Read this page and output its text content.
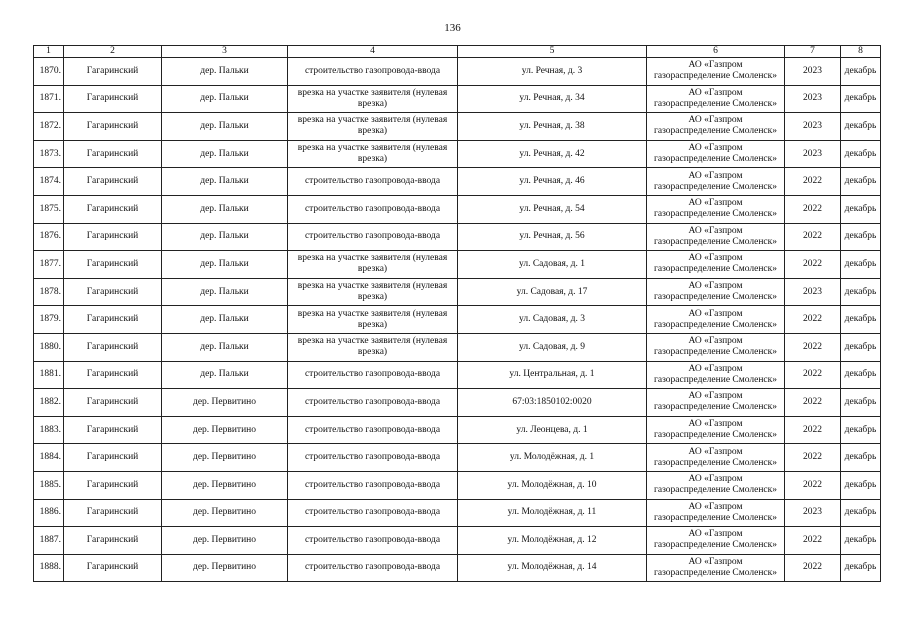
136
1	2	3	4	5	6	7	8
1870.	Гагаринский	дер. Пальки	строительство газопровода-ввода	ул. Речная, д. 3	АО «Газпром газораспределение Смоленск»	2023	декабрь
1871.	Гагаринский	дер. Пальки	врезка на участке заявителя (нулевая врезка)	ул. Речная, д. 34	АО «Газпром газораспределение Смоленск»	2023	декабрь
1872.	Гагаринский	дер. Пальки	врезка на участке заявителя (нулевая врезка)	ул. Речная, д. 38	АО «Газпром газораспределение Смоленск»	2023	декабрь
1873.	Гагаринский	дер. Пальки	врезка на участке заявителя (нулевая врезка)	ул. Речная, д. 42	АО «Газпром газораспределение Смоленск»	2023	декабрь
1874.	Гагаринский	дер. Пальки	строительство газопровода-ввода	ул. Речная, д. 46	АО «Газпром газораспределение Смоленск»	2022	декабрь
1875.	Гагаринский	дер. Пальки	строительство газопровода-ввода	ул. Речная, д. 54	АО «Газпром газораспределение Смоленск»	2022	декабрь
1876.	Гагаринский	дер. Пальки	строительство газопровода-ввода	ул. Речная, д. 56	АО «Газпром газораспределение Смоленск»	2022	декабрь
1877.	Гагаринский	дер. Пальки	врезка на участке заявителя (нулевая врезка)	ул. Садовая, д. 1	АО «Газпром газораспределение Смоленск»	2022	декабрь
1878.	Гагаринский	дер. Пальки	врезка на участке заявителя (нулевая врезка)	ул. Садовая, д. 17	АО «Газпром газораспределение Смоленск»	2023	декабрь
1879.	Гагаринский	дер. Пальки	врезка на участке заявителя (нулевая врезка)	ул. Садовая, д. 3	АО «Газпром газораспределение Смоленск»	2022	декабрь
1880.	Гагаринский	дер. Пальки	врезка на участке заявителя (нулевая врезка)	ул. Садовая, д. 9	АО «Газпром газораспределение Смоленск»	2022	декабрь
1881.	Гагаринский	дер. Пальки	строительство газопровода-ввода	ул. Центральная, д. 1	АО «Газпром газораспределение Смоленск»	2022	декабрь
1882.	Гагаринский	дер. Первитино	строительство газопровода-ввода	67:03:1850102:0020	АО «Газпром газораспределение Смоленск»	2022	декабрь
1883.	Гагаринский	дер. Первитино	строительство газопровода-ввода	ул. Леонцева, д. 1	АО «Газпром газораспределение Смоленск»	2022	декабрь
1884.	Гагаринский	дер. Первитино	строительство газопровода-ввода	ул. Молодёжная, д. 1	АО «Газпром газораспределение Смоленск»	2022	декабрь
1885.	Гагаринский	дер. Первитино	строительство газопровода-ввода	ул. Молодёжная, д. 10	АО «Газпром газораспределение Смоленск»	2022	декабрь
1886.	Гагаринский	дер. Первитино	строительство газопровода-ввода	ул. Молодёжная, д. 11	АО «Газпром газораспределение Смоленск»	2023	декабрь
1887.	Гагаринский	дер. Первитино	строительство газопровода-ввода	ул. Молодёжная, д. 12	АО «Газпром газораспределение Смоленск»	2022	декабрь
1888.	Гагаринский	дер. Первитино	строительство газопровода-ввода	ул. Молодёжная, д. 14	АО «Газпром газораспределение Смоленск»	2022	декабрь
